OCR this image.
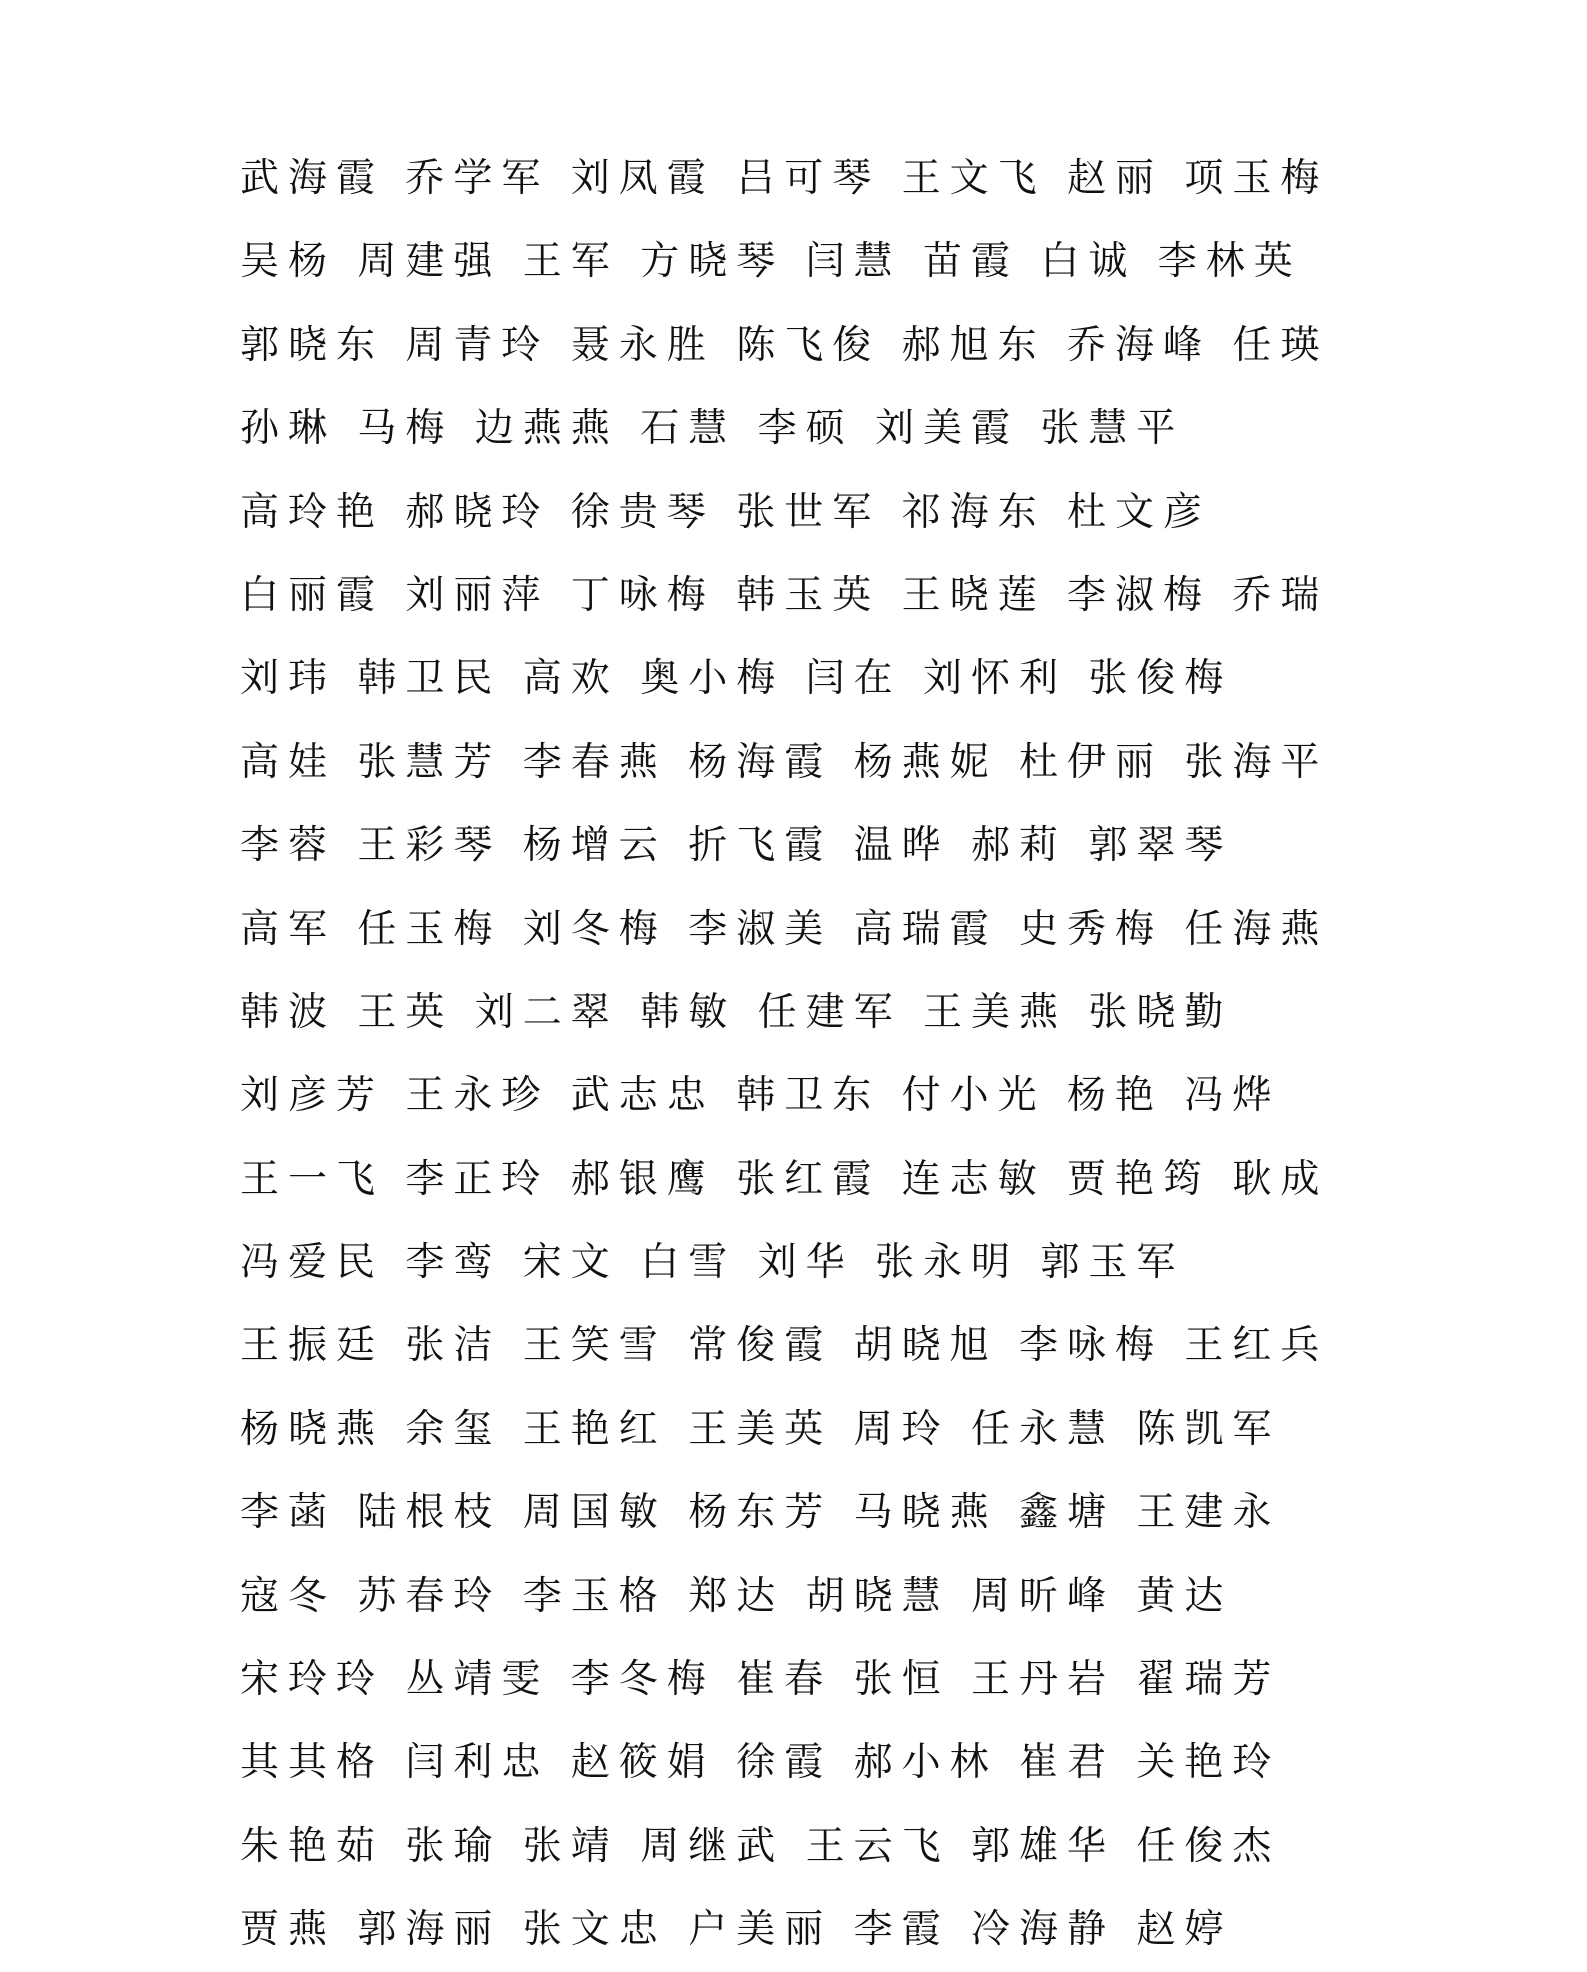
武海霞 乔学军 刘凤霞 吕可琴 王文飞 赵丽 项玉梅
吴杨 周建强 王军 方晓琴 闫慧 苗霞 白诚 李林英
郭晓东 周青玲 聂永胜 陈飞俊 郝旭东 乔海峰 任瑛
孙琳 马梅 边燕燕 石慧 李硕 刘美霞 张慧平
高玲艳 郝晓玲 徐贵琴 张世军 祁海东 杜文彦
白丽霞 刘丽萍 丁咏梅 韩玉英 王晓莲 李淑梅 乔瑞
刘玮 韩卫民 高欢 奥小梅 闫在 刘怀利 张俊梅
高娃 张慧芳 李春燕 杨海霞 杨燕妮 杜伊丽 张海平
李蓉 王彩琴 杨增云 折飞霞 温晔 郝莉 郭翠琴
高军 任玉梅 刘冬梅 李淑美 高瑞霞 史秀梅 任海燕
韩波 王英 刘二翠 韩敏 任建军 王美燕 张晓勤
刘彦芳 王永珍 武志忠 韩卫东 付小光 杨艳 冯烨
王一飞 李正玲 郝银鹰 张红霞 连志敏 贾艳筠 耿成
冯爱民 李鸾 宋文 白雪 刘华 张永明 郭玉军
王振廷 张洁 王笑雪 常俊霞 胡晓旭 李咏梅 王红兵
杨晓燕 余玺 王艳红 王美英 周玲 任永慧 陈凯军
李菡 陆根枝 周国敏 杨东芳 马晓燕 鑫塘 王建永
寇冬 苏春玲 李玉格 郑达 胡晓慧 周昕峰 黄达
宋玲玲 丛靖雯 李冬梅 崔春 张恒 王丹岩 翟瑞芳
其其格 闫利忠 赵筱娟 徐霞 郝小林 崔君 关艳玲
朱艳茹 张瑜 张靖 周继武 王云飞 郭雄华 任俊杰
贾燕 郭海丽 张文忠 户美丽 李霞 冷海静 赵婷
